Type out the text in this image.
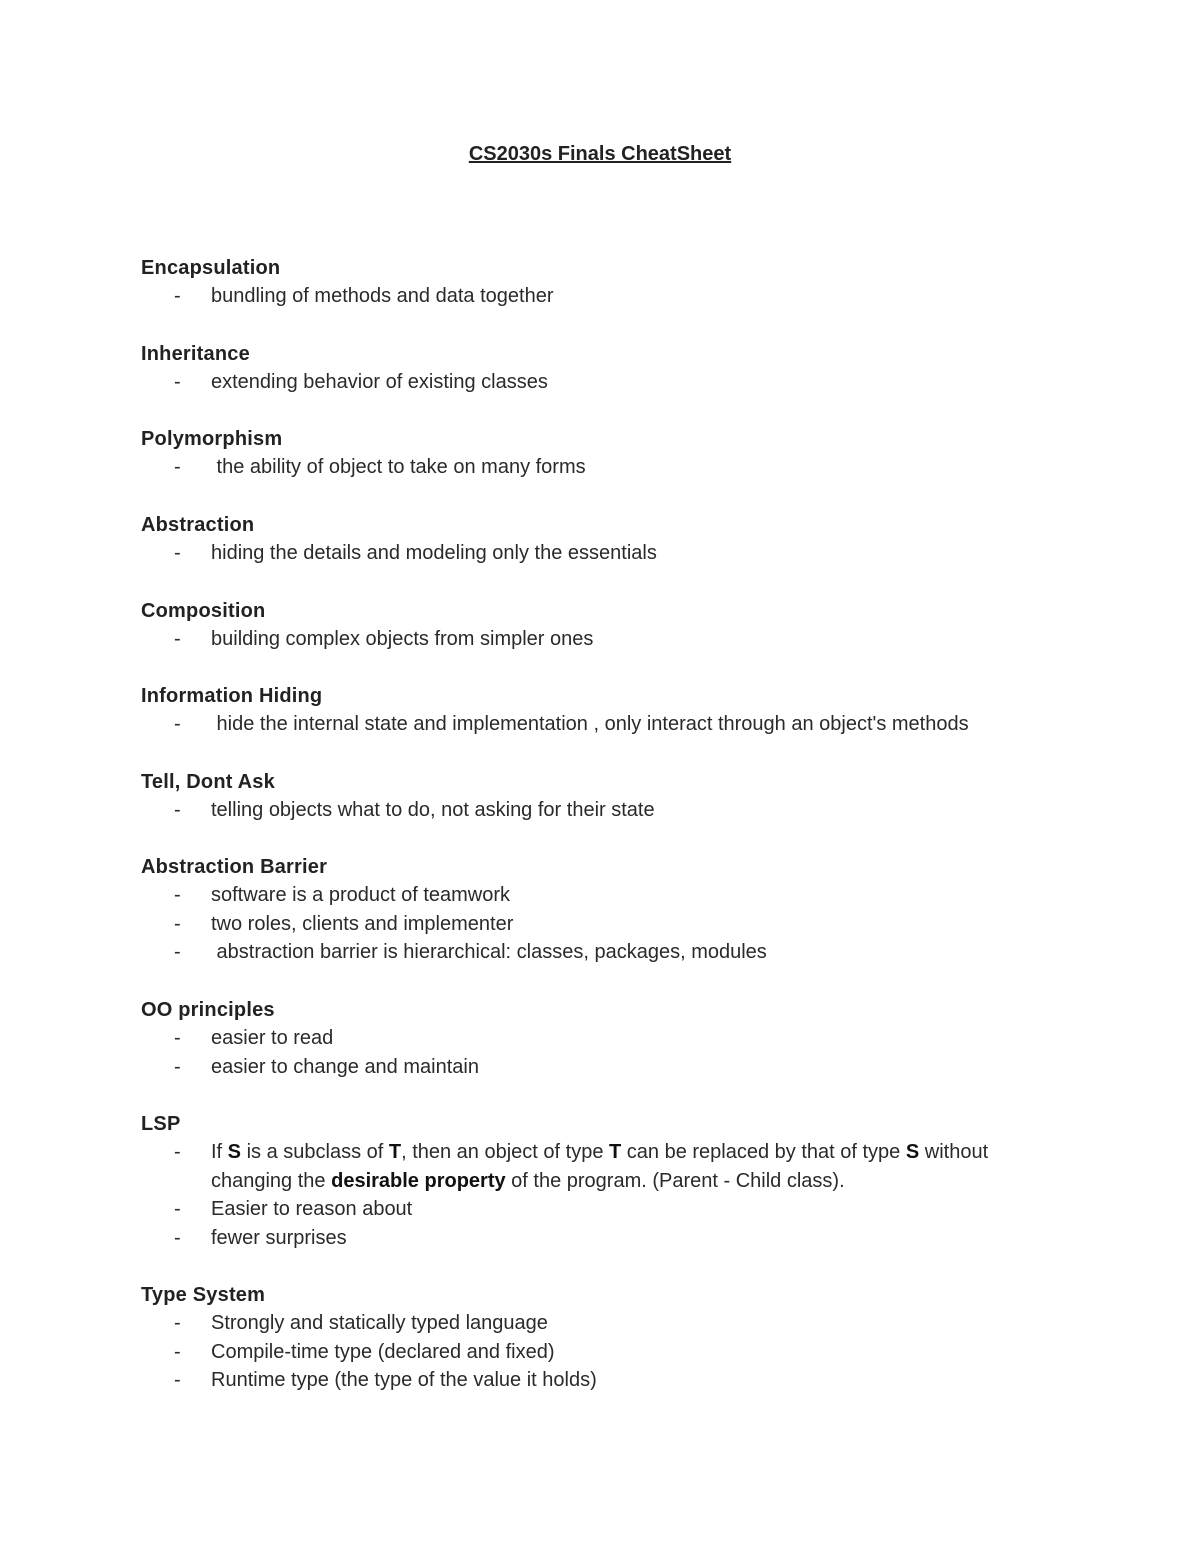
CS2030s Finals CheatSheet
Encapsulation
- bundling of methods and data together
Inheritance
- extending behavior of existing classes
Polymorphism
- the ability of object to take on many forms
Abstraction
- hiding the details and modeling only the essentials
Composition
- building complex objects from simpler ones
Information Hiding
- hide the internal state and implementation , only interact through an object's methods
Tell, Dont Ask
- telling objects what to do, not asking for their state
Abstraction Barrier
- software is a product of teamwork
- two roles, clients and implementer
- abstraction barrier is hierarchical: classes, packages, modules
OO principles
- easier to read
- easier to change and maintain
LSP
- If S is a subclass of T, then an object of type T can be replaced by that of type S without changing the desirable property of the program. (Parent - Child class).
- Easier to reason about
- fewer surprises
Type System
- Strongly and statically typed language
- Compile-time type (declared and fixed)
- Runtime type (the type of the value it holds)
